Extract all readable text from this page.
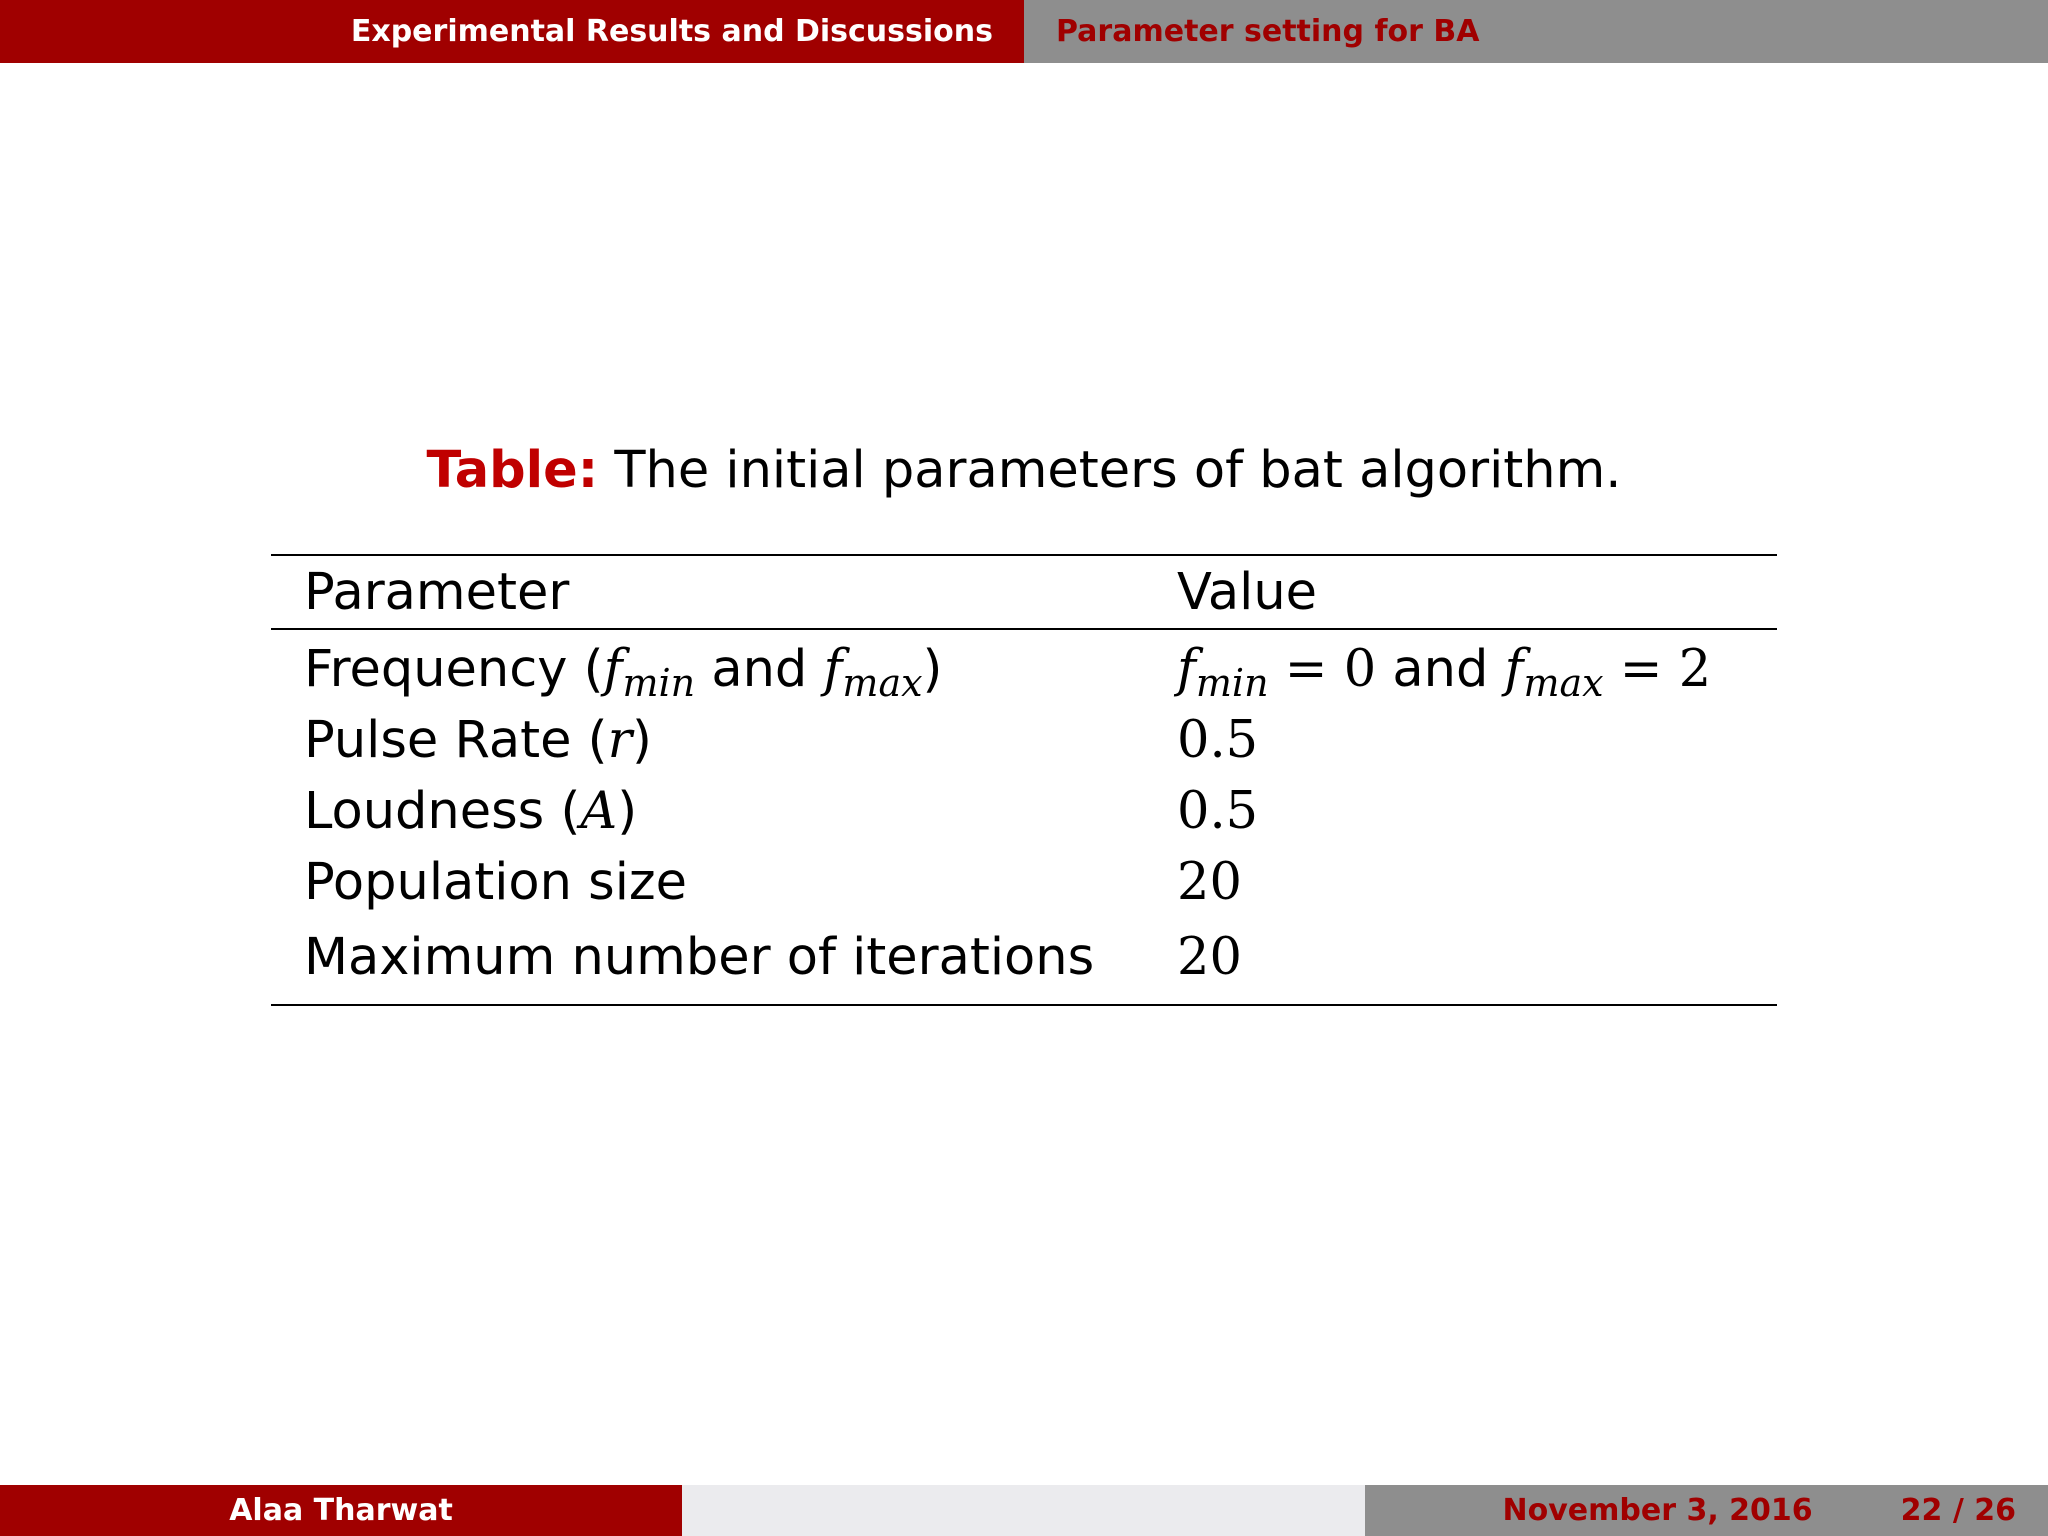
Experimental Results and Discussions Parameter setting for BA
Table: The initial parameters of bat algorithm.
Parameter	Value
Frequency ($f_{min}$ and $f_{max}$)	$f_{min} = 0$ and $f_{max} = 2$
Pulse Rate (r)	0.5
Loudness (A)	0.5
Population size	20
Maximum number of iterations	20
Alaa Tharwat	November 3, 2016	22 / 26
